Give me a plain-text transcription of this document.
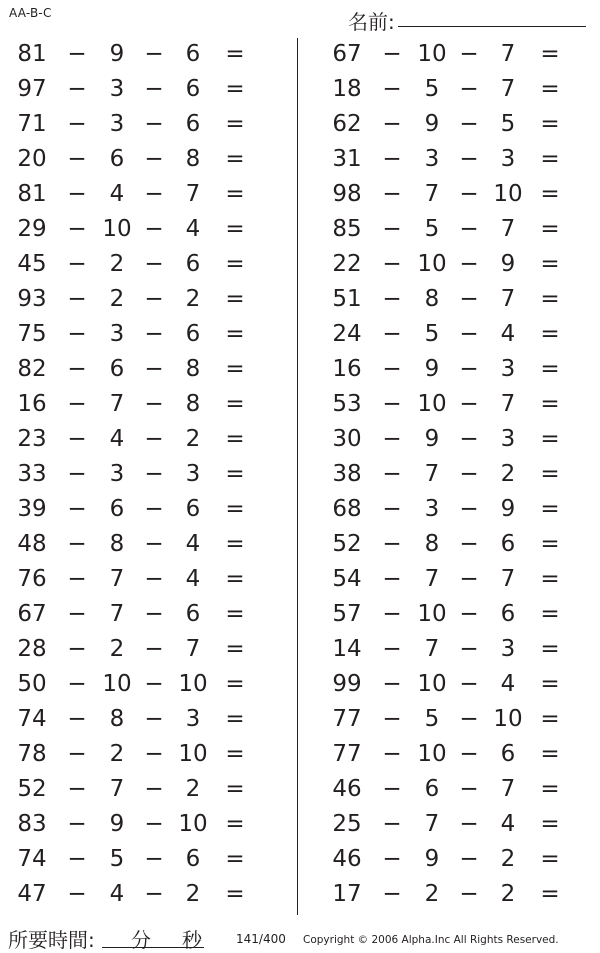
AA-B-C	名前:
81 −	9 − 6	=
97 −	3 − 6	=
71 −	3 − 6	=
20 −	6 − 8	=
81 −	4 − 7	=
29 − 10 − 4	=
45 −	2 − 6	=
93 −	2 − 2	=
75 −	3 − 6	=
82 −	6 − 8	=
16 −	7 − 8	=
23 −	4 − 2	=
33 −	3 − 3	=
39 −	6 − 6	=
48 −	8 − 4	=
76 −	7 − 4	=
67 −	7 − 6	=
28 −	2 − 7	=
50 − 10 − 10 =
74 −	8 − 3	=
78 −	2 − 10 =
52 −	7 − 2	=
83 −	9 − 10 =
74 −	5 − 6	=
47 −	4 − 2	=
67 − 10 − 7	=
18 −	5 − 7	=
62 −	9 − 5	=
31 −	3 − 3	=
98 −	7 − 10 =
85 −	5 − 7	=
22 − 10 − 9	=
51 −	8 − 7	=
24 −	5 − 4	=
16 −	9 − 3	=
53 − 10 − 7	=
30 −	9 − 3	=
38 −	7 − 2	=
68 −	3 − 9	=
52 −	8 − 6	=
54 −	7 − 7	=
57 − 10 − 6	=
14 −	7 − 3	=
99 − 10 − 4	=
77 −	5 − 10 =
77 − 10 − 6	=
46 −	6 − 7	=
25 −	7 − 4	=
46 −	9 − 2	=
17 −	2 − 2	=
所要時間: 分 秒	141/400 Copyright © 2006 Alpha.Inc All Rights Reserved.
